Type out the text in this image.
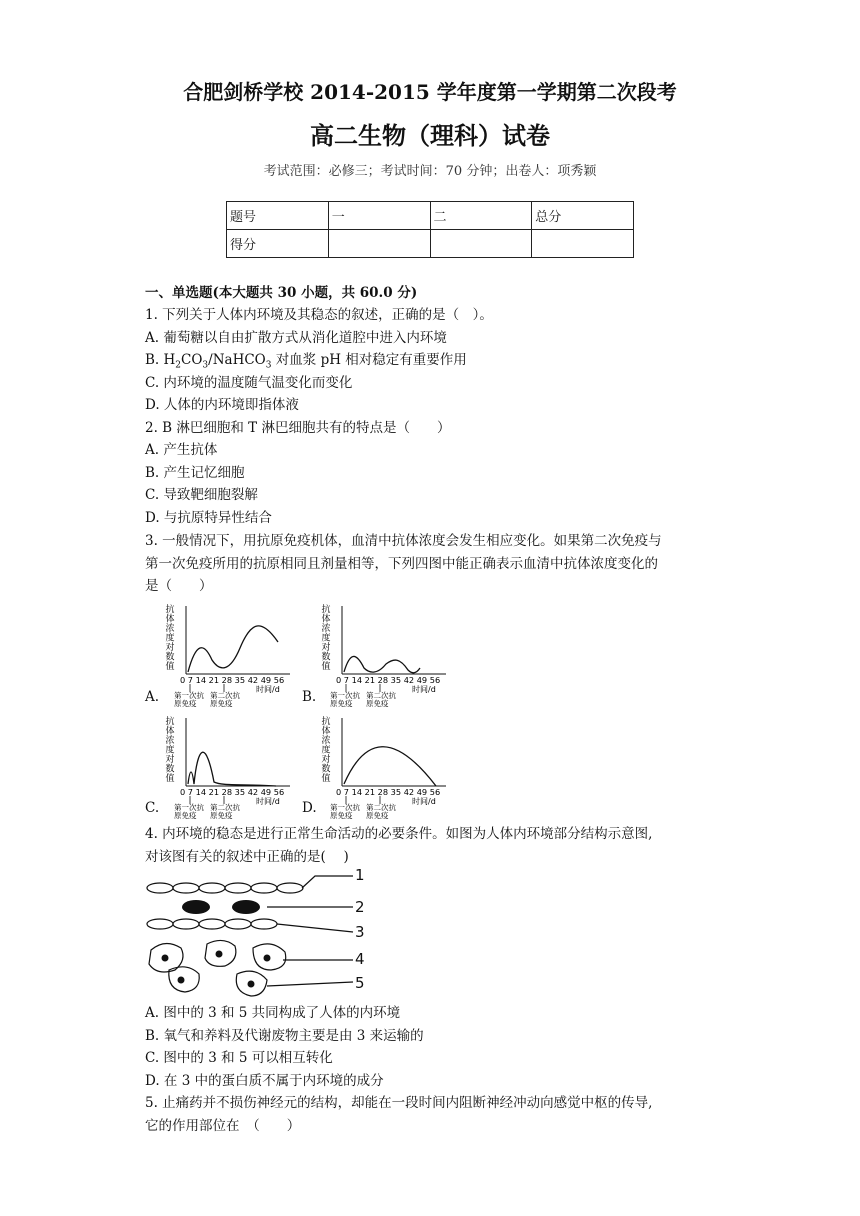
合肥剑桥学校 2014-2015 学年度第一学期第二次段考
高二生物（理科）试卷
考试范围：必修三；考试时间：70 分钟；出卷人：项秀颖
题号	一	二	总分
得分			
一、单选题(本大题共 30 小题，共 60.0 分)
1. 下列关于人体内环境及其稳态的叙述，正确的是（　）。
A. 葡萄糖以自由扩散方式从消化道腔中进入内环境
B. $H_2CO_3/NaHCO_3$ 对血浆 pH 相对稳定有重要作用
C. 内环境的温度随气温变化而变化
D. 人体的内环境即指体液
2. B 淋巴细胞和 T 淋巴细胞共有的特点是（　　）
A. 产生抗体
B. 产生记忆细胞
C. 导致靶细胞裂解
D. 与抗原特异性结合
3. 一般情况下，用抗原免疫机体，血清中抗体浓度会发生相应变化。如果第二次免疫与
第一次免疫所用的抗原相同且剂量相等，下列四图中能正确表示血清中抗体浓度变化的
是（　　）
抗
体
浓
度
对
数
值
0 7 14 21 28 35 42 49 56
时间/d
第一次抗
原免疫
第二次抗
原免疫
抗
体
浓
度
对
数
值
0 7 14 21 28 35 42 49 56
时间/d
第一次抗
原免疫
第二次抗
原免疫
抗
体
浓
度
对
数
值
0 7 14 21 28 35 42 49 56
时间/d
第一次抗
原免疫
第二次抗
原免疫
抗
体
浓
度
对
数
值
0 7 14 21 28 35 42 49 56
时间/d
第一次抗
原免疫
第二次抗
原免疫
A.	B.
C.	D.
4. 内环境的稳态是进行正常生命活动的必要条件。如图为人体内环境部分结构示意图,
对该图有关的叙述中正确的是(　 )
1
2
3
4
5
A. 图中的 3 和 5 共同构成了人体的内环境
B. 氧气和养料及代谢废物主要是由 3 来运输的
C. 图中的 3 和 5 可以相互转化
D. 在 3 中的蛋白质不属于内环境的成分
5. 止痛药并不损伤神经元的结构，却能在一段时间内阻断神经冲动向感觉中枢的传导,
它的作用部位在　（　　）
